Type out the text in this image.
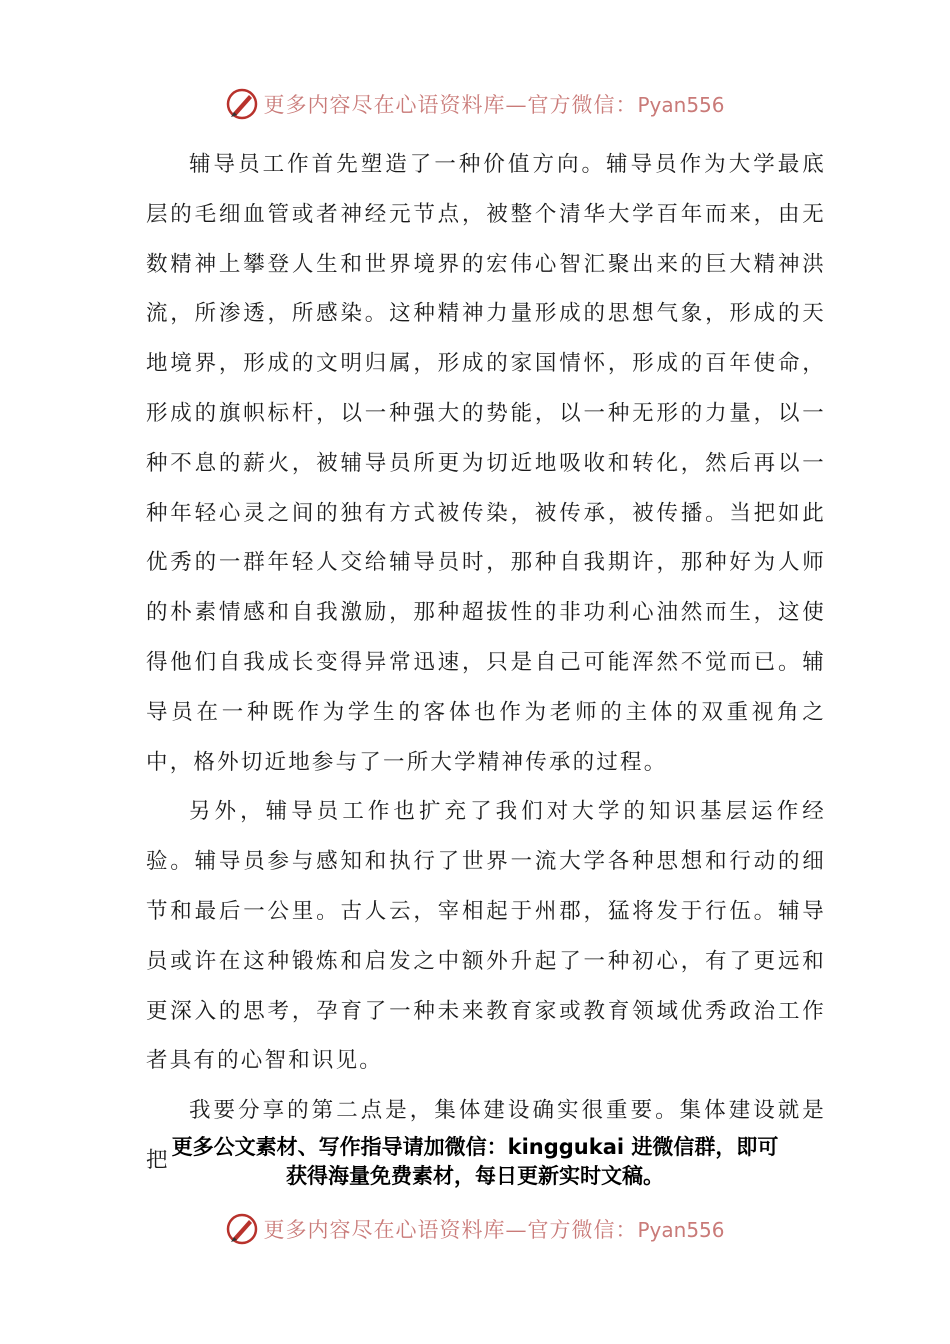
更多内容尽在心语资料库—官方微信：Pyan556

辅导员工作首先塑造了一种价值方向。辅导员作为大学最底层的毛细血管或者神经元节点，被整个清华大学百年而来，由无数精神上攀登人生和世界境界的宏伟心智汇聚出来的巨大精神洪流，所渗透，所感染。这种精神力量形成的思想气象，形成的天地境界，形成的文明归属，形成的家国情怀，形成的百年使命，形成的旗帜标杆，以一种强大的势能，以一种无形的力量，以一种不息的薪火，被辅导员所更为切近地吸收和转化，然后再以一种年轻心灵之间的独有方式被传染，被传承，被传播。当把如此优秀的一群年轻人交给辅导员时，那种自我期许，那种好为人师的朴素情感和自我激励，那种超拔性的非功利心油然而生，这使得他们自我成长变得异常迅速，只是自己可能浑然不觉而已。辅导员在一种既作为学生的客体也作为老师的主体的双重视角之中，格外切近地参与了一所大学精神传承的过程。

另外，辅导员工作也扩充了我们对大学的知识基层运作经验。辅导员参与感知和执行了世界一流大学各种思想和行动的细节和最后一公里。古人云，宰相起于州郡，猛将发于行伍。辅导员或许在这种锻炼和启发之中额外升起了一种初心，有了更远和更深入的思考，孕育了一种未来教育家或教育领域优秀政治工作者具有的心智和识见。

我要分享的第二点是，集体建设确实很重要。集体建设就是把

更多公文素材、写作指导请加微信：kinggukai 进微信群，即可
获得海量免费素材，每日更新实时文稿。
更多内容尽在心语资料库—官方微信：Pyan556
